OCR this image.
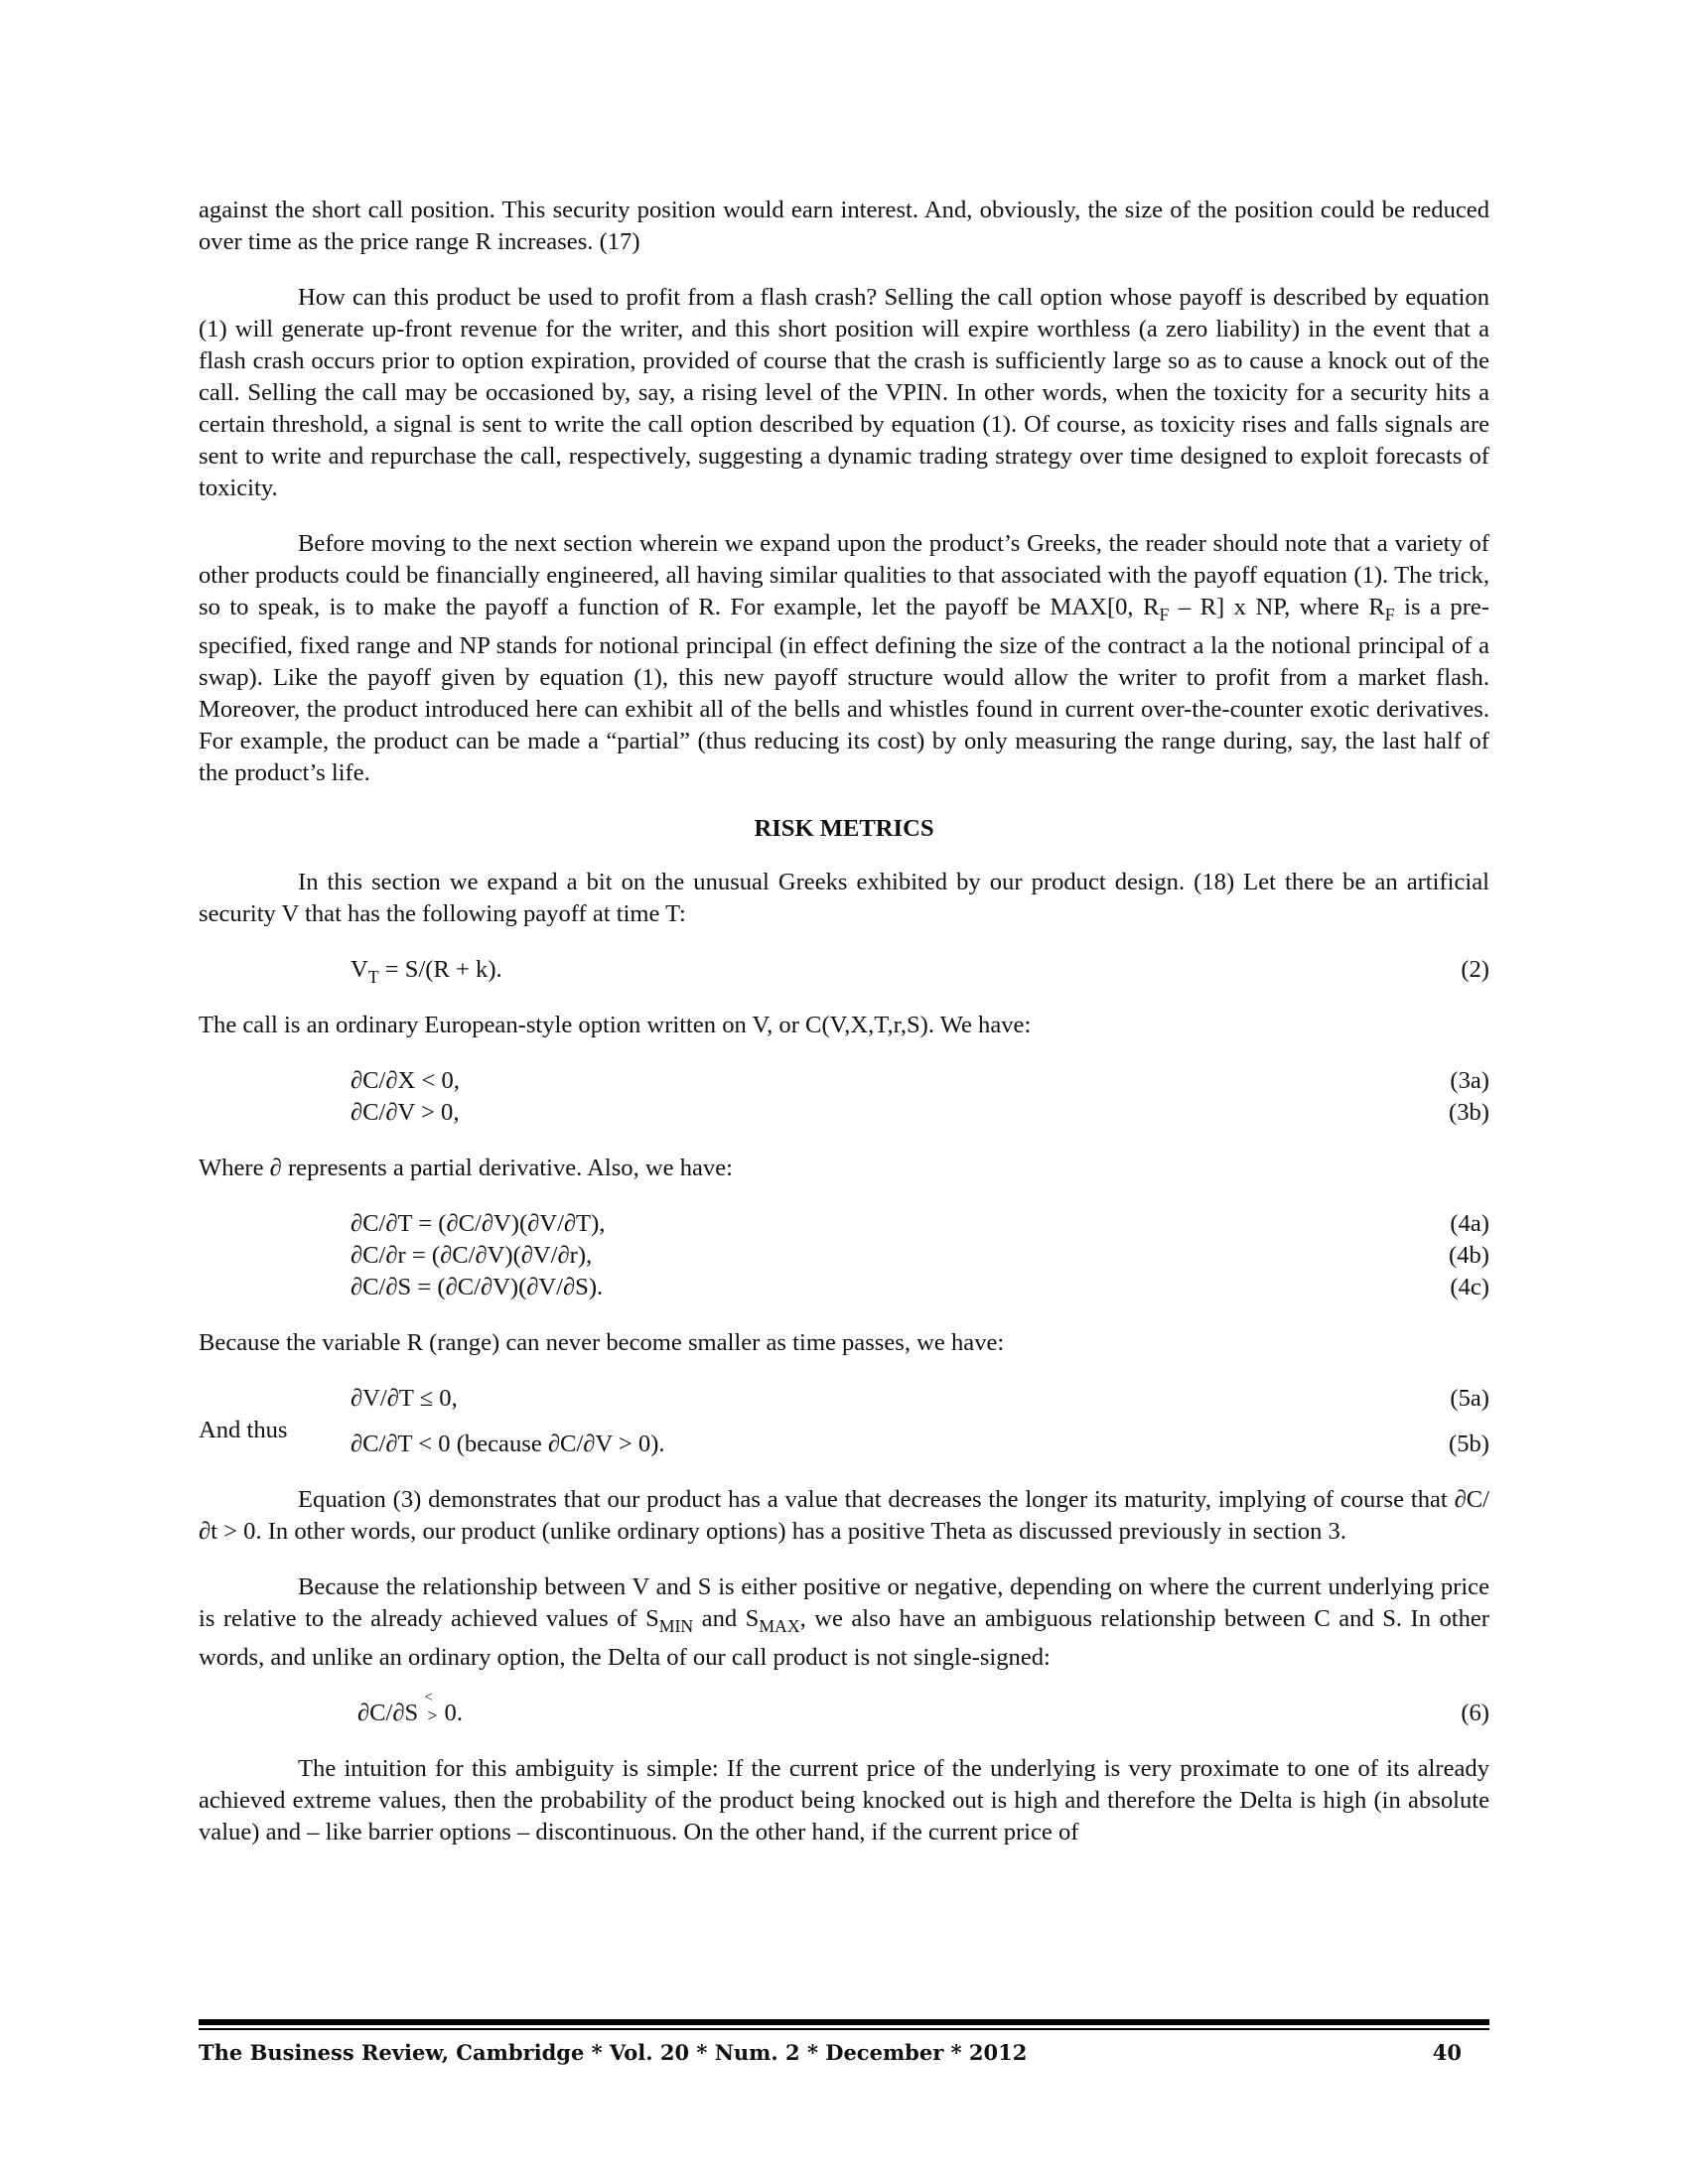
against the short call position. This security position would earn interest. And, obviously, the size of the position could be reduced over time as the price range R increases. (17)

How can this product be used to profit from a flash crash? Selling the call option whose payoff is described by equation (1) will generate up-front revenue for the writer, and this short position will expire worthless (a zero liability) in the event that a flash crash occurs prior to option expiration, provided of course that the crash is sufficiently large so as to cause a knock out of the call. Selling the call may be occasioned by, say, a rising level of the VPIN. In other words, when the toxicity for a security hits a certain threshold, a signal is sent to write the call option described by equation (1). Of course, as toxicity rises and falls signals are sent to write and repurchase the call, respectively, suggesting a dynamic trading strategy over time designed to exploit forecasts of toxicity.

Before moving to the next section wherein we expand upon the product’s Greeks, the reader should note that a variety of other products could be financially engineered, all having similar qualities to that associated with the payoff equation (1). The trick, so to speak, is to make the payoff a function of R. For example, let the payoff be MAX[0, $R_F - R$] x NP, where $R_F$ is a pre-specified, fixed range and NP stands for notional principal (in effect defining the size of the contract a la the notional principal of a swap). Like the payoff given by equation (1), this new payoff structure would allow the writer to profit from a market flash. Moreover, the product introduced here can exhibit all of the bells and whistles found in current over-the-counter exotic derivatives. For example, the product can be made a “partial” (thus reducing its cost) by only measuring the range during, say, the last half of the product’s life.

RISK METRICS

In this section we expand a bit on the unusual Greeks exhibited by our product design. (18) Let there be an artificial security V that has the following payoff at time T:

$V_T = S/(R + k)$.	(2)

The call is an ordinary European-style option written on V, or C(V,X,T,r,S). We have:

∂C/∂X < 0,	(3a)
∂C/∂V > 0,	(3b)

Where ∂ represents a partial derivative. Also, we have:

∂C/∂T = (∂C/∂V)(∂V/∂T),	(4a)
∂C/∂r = (∂C/∂V)(∂V/∂r),	(4b)
∂C/∂S = (∂C/∂V)(∂V/∂S).	(4c)

Because the variable R (range) can never become smaller as time passes, we have:

∂V/∂T ≤ 0,	(5a)
And thus
∂C/∂T < 0 (because ∂C/∂V > 0).	(5b)

Equation (3) demonstrates that our product has a value that decreases the longer its maturity, implying of course that ∂C/∂t > 0. In other words, our product (unlike ordinary options) has a positive Theta as discussed previously in section 3.

Because the relationship between V and S is either positive or negative, depending on where the current underlying price is relative to the already achieved values of $S_{MIN}$ and $S_{MAX}$, we also have an ambiguous relationship between C and S. In other words, and unlike an ordinary option, the Delta of our call product is not single-signed:

∂C/∂S
<
> 0.	(6)

The intuition for this ambiguity is simple: If the current price of the underlying is very proximate to one of its already achieved extreme values, then the probability of the product being knocked out is high and therefore the Delta is high (in absolute value) and – like barrier options – discontinuous. On the other hand, if the current price of

The Business Review, Cambridge * Vol. 20 * Num. 2 * December * 2012	40
